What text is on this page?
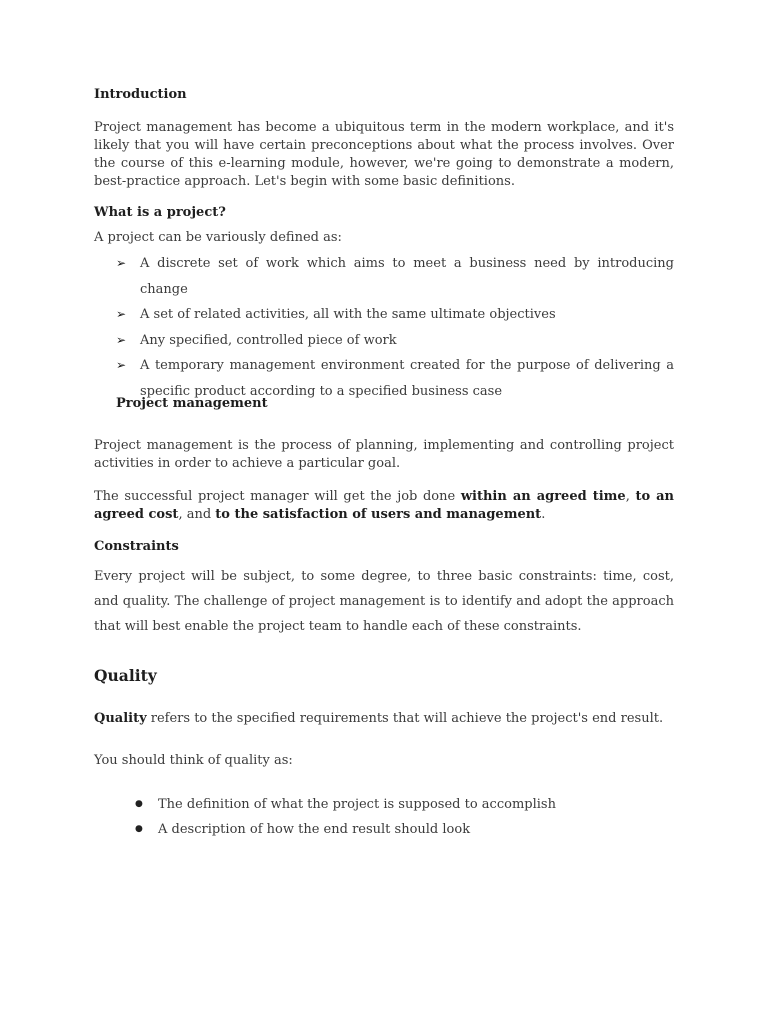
Introduction

Project management has become a ubiquitous term in the modern workplace, and it's likely that you will have certain preconceptions about what the process involves. Over the course of this e-learning module, however, we're going to demonstrate a modern, best-practice approach. Let's begin with some basic definitions.

What is a project?

A project can be variously defined as:

➢ A discrete set of work which aims to meet a business need by introducing change
➢ A set of related activities, all with the same ultimate objectives
➢ Any specified, controlled piece of work
➢ A temporary management environment created for the purpose of delivering a specific product according to a specified business case

Project management

Project management is the process of planning, implementing and controlling project activities in order to achieve a particular goal.

The successful project manager will get the job done within an agreed time, to an agreed cost, and to the satisfaction of users and management.

Constraints

Every project will be subject, to some degree, to three basic constraints: time, cost, and quality. The challenge of project management is to identify and adopt the approach that will best enable the project team to handle each of these constraints.

Quality

Quality refers to the specified requirements that will achieve the project's end result.

You should think of quality as:

● The definition of what the project is supposed to accomplish
● A description of how the end result should look
